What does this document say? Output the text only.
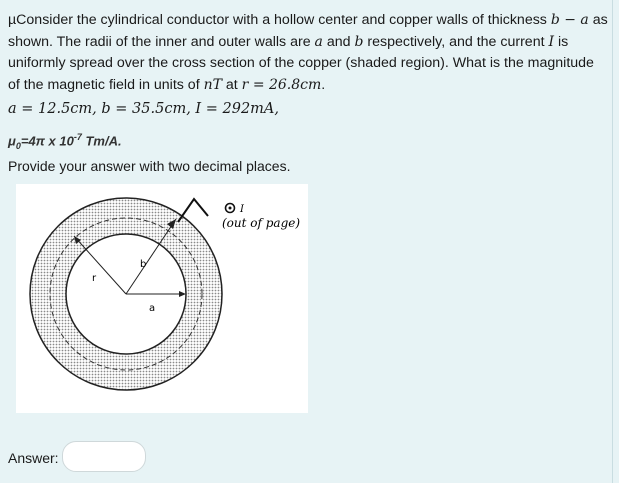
µConsider the cylindrical conductor with a hollow center and copper walls of thickness b − a as shown. The radii of the inner and outer walls are a and b respectively, and the current I is uniformly spread over the cross section of the copper (shaded region). What is the magnitude of the magnetic field in units of nT at r = 26.8cm.
a = 12.5cm, b = 35.5cm, I = 292mA,
$\mu_0=4\pi$ x $10^{-7}$ Tm/A.
Provide your answer with two decimal places.
I
(out of page)
r
b
a
Answer:
